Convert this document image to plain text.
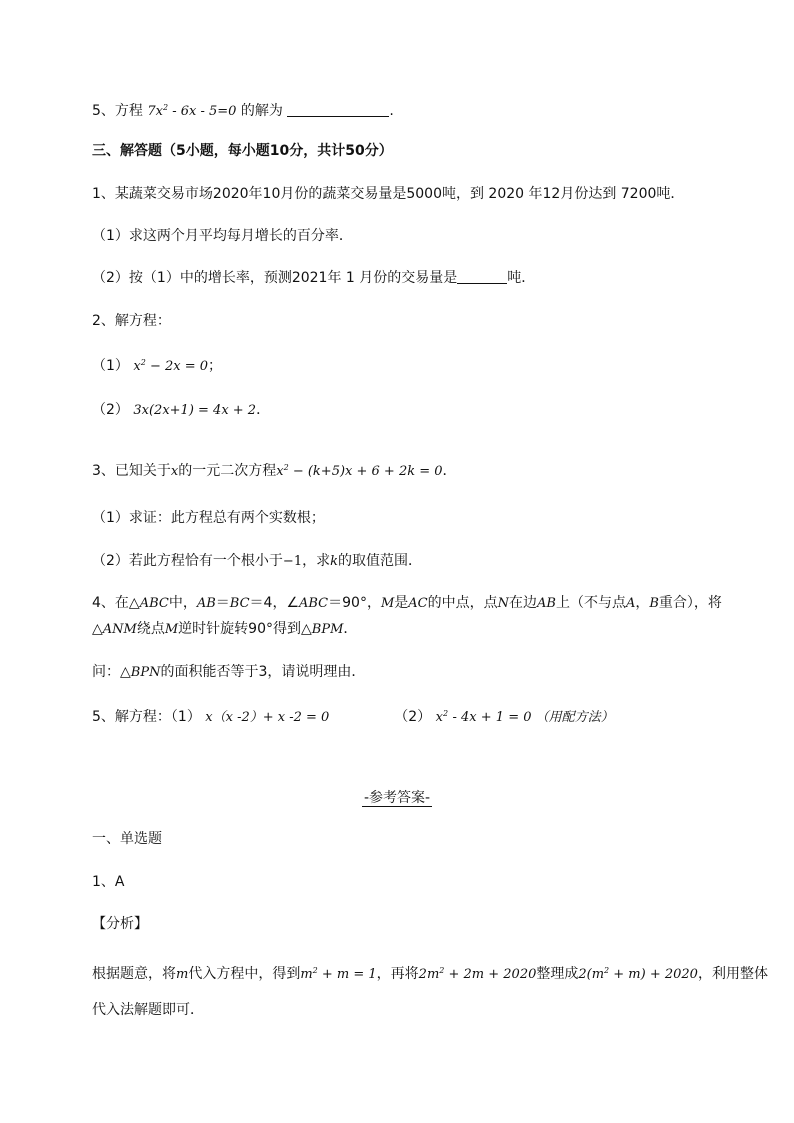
5、方程 $7x^2 - 6x - 5=0$ 的解为	.
三、解答题（5小题，每小题10分，共计50分）
1、某蔬菜交易市场2020年10月份的蔬菜交易量是5000吨，到 2020 年12月份达到 7200吨．
（1）求这两个月平均每月增长的百分率．
（2）按（1）中的增长率，预测2021年 1 月份的交易量是	吨．
2、解方程：
（1） $x^2 - 2x = 0$；
（2） 3x(2x+1) = 4x + 2．
3、已知关于x的一元二次方程$x^2 - (k+5)x + 6 + 2k = 0$．
（1）求证：此方程总有两个实数根；
（2）若此方程恰有一个根小于−1，求k的取值范围．
4、在△ABC中，AB＝BC＝4，∠ABC＝90°，M是AC的中点，点N在边AB上（不与点A，B重合），将
△ANM绕点M逆时针旋转90°得到△BPM．
问：△BPN的面积能否等于3，请说明理由．
5、解方程：（1） x（x -2）+ x -2 = 0	（2） $x^2 - 4x + 1 = 0$ （用配方法）
-参考答案-
一、单选题
1、A
【分析】
根据题意，将m代入方程中，得到$m^2 + m = 1$，再将$2m^2 + 2m + 2020$整理成$2(m^2 + m) + 2020$，利用整体
代入法解题即可．
